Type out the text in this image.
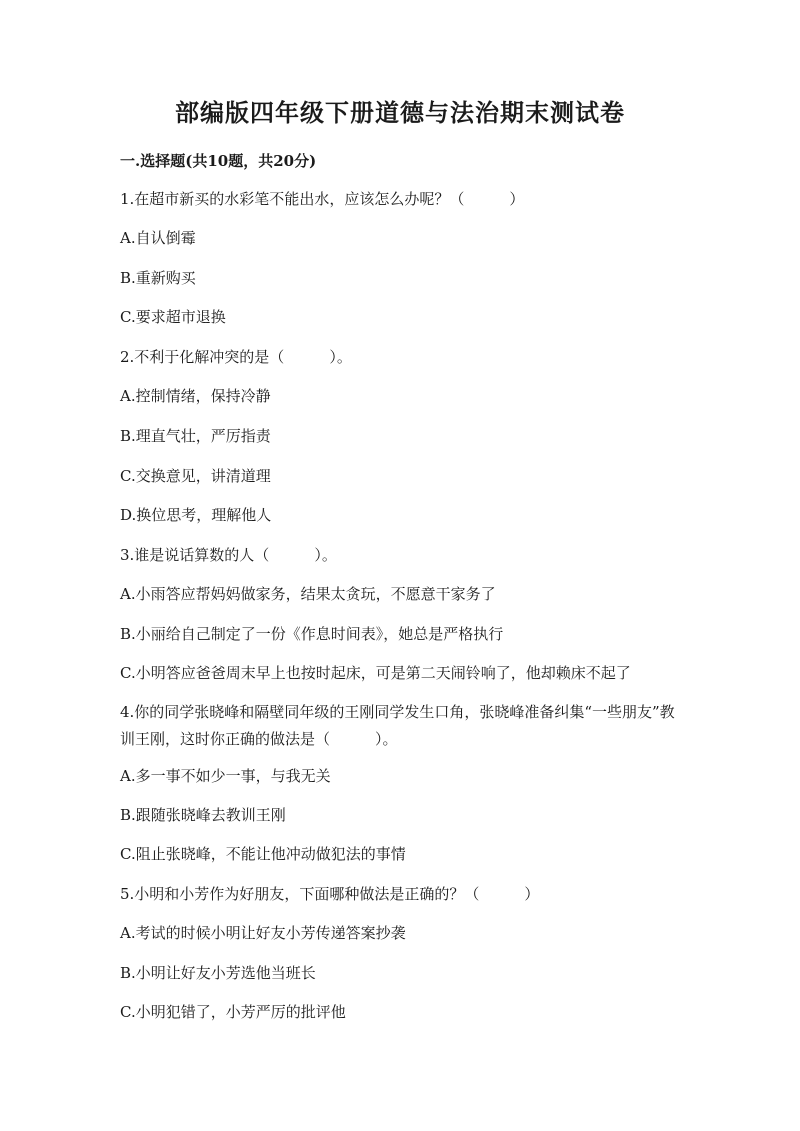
部编版四年级下册道德与法治期末测试卷
一.选择题(共10题，共20分)
1.在超市新买的水彩笔不能出水，应该怎么办呢？（　　　）
A.自认倒霉
B.重新购买
C.要求超市退换
2.不利于化解冲突的是（　　　）。
A.控制情绪，保持冷静
B.理直气壮，严厉指责
C.交换意见，讲清道理
D.换位思考，理解他人
3.谁是说话算数的人（　　　）。
A.小雨答应帮妈妈做家务，结果太贪玩，不愿意干家务了
B.小丽给自己制定了一份《作息时间表》，她总是严格执行
C.小明答应爸爸周末早上也按时起床，可是第二天闹铃响了，他却赖床不起了
4.你的同学张晓峰和隔壁同年级的王刚同学发生口角，张晓峰准备纠集“一些朋友”教训王刚，这时你正确的做法是（　　　）。
A.多一事不如少一事，与我无关
B.跟随张晓峰去教训王刚
C.阻止张晓峰，不能让他冲动做犯法的事情
5.小明和小芳作为好朋友，下面哪种做法是正确的？（　　　）
A.考试的时候小明让好友小芳传递答案抄袭
B.小明让好友小芳选他当班长
C.小明犯错了，小芳严厉的批评他
